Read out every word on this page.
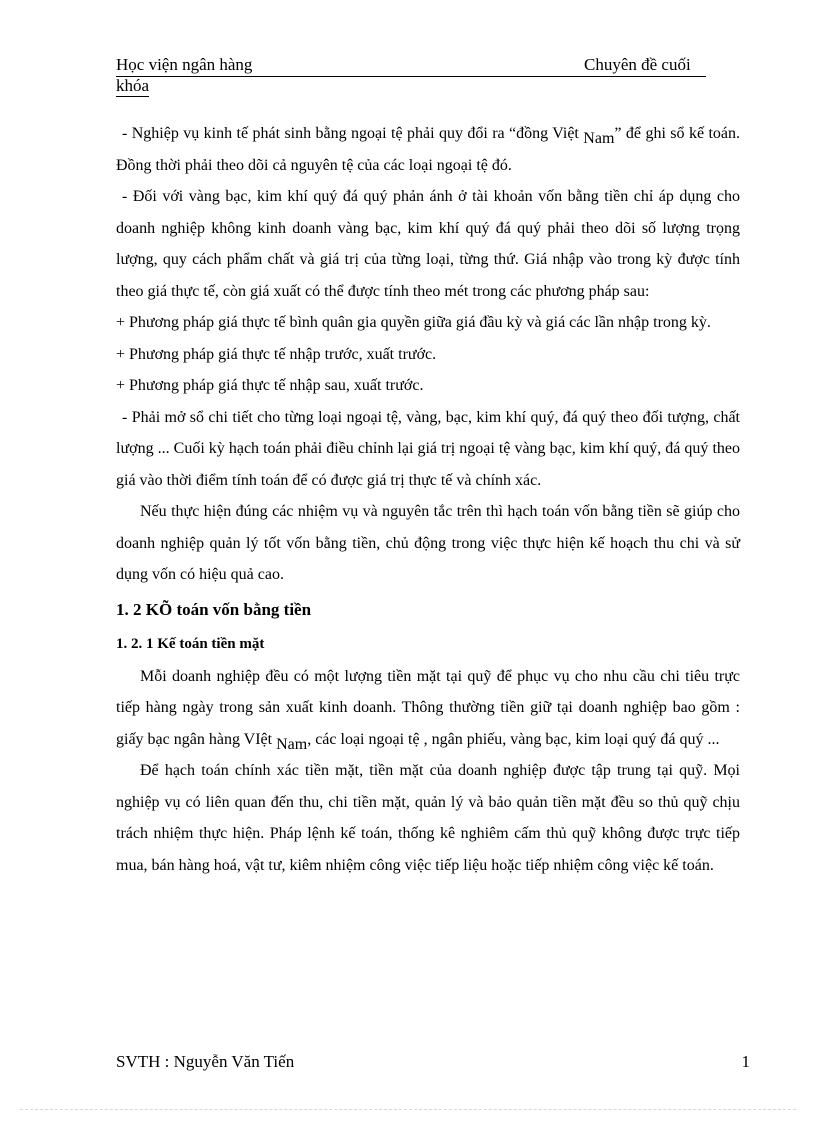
Học viện ngân hàng	Chuyên đề cuối
khóa

- Nghiệp vụ kinh tế phát sinh bằng ngoại tệ phải quy đổi ra “đồng Việt Nam” để ghi sổ kế toán. Đồng thời phải theo dõi cả nguyên tệ của các loại ngoại tệ đó.

- Đối với vàng bạc, kim khí quý đá quý phản ánh ở tài khoản vốn bằng tiền chỉ áp dụng cho doanh nghiệp không kinh doanh vàng bạc, kim khí quý đá quý phải theo dõi số lượng trọng lượng, quy cách phẩm chất và giá trị của từng loại, từng thứ. Giá nhập vào trong kỳ được tính theo giá thực tế, còn giá xuất có thể được tính theo mét trong các phương pháp sau:

+ Phương pháp giá thực tế bình quân gia quyền giữa giá đầu kỳ và giá các lần nhập trong kỳ.

+ Phương pháp giá thực tế nhập trước, xuất trước.

+ Phương pháp giá thực tế nhập sau, xuất trước.

- Phải mở sổ chi tiết cho từng loại ngoại tệ, vàng, bạc, kim khí quý, đá quý theo đối tượng, chất lượng ... Cuối kỳ hạch toán phải điều chỉnh lại giá trị ngoại tệ vàng bạc, kim khí quý, đá quý theo giá vào thời điểm tính toán để có được giá trị thực tế và chính xác.

Nếu thực hiện đúng các nhiệm vụ và nguyên tắc trên thì hạch toán vốn bằng tiền sẽ giúp cho doanh nghiệp quản lý tốt vốn bằng tiền, chủ động trong việc thực hiện kế hoạch thu chi và sử dụng vốn có hiệu quả cao.

1. 2 KÕ toán vốn bằng tiền
1. 2. 1 Kế toán tiền mặt

Mỗi doanh nghiệp đều có một lượng tiền mặt tại quỹ để phục vụ cho nhu cầu chi tiêu trực tiếp hàng ngày trong sản xuất kinh doanh. Thông thường tiền giữ tại doanh nghiệp bao gồm : giấy bạc ngân hàng VIệt Nam, các loại ngoại tệ , ngân phiếu, vàng bạc, kim loại quý đá quý ...

Để hạch toán chính xác tiền mặt, tiền mặt của doanh nghiệp được tập trung tại quỹ. Mọi nghiệp vụ có liên quan đến thu, chi tiền mặt, quản lý và bảo quản tiền mặt đều so thủ quỹ chịu trách nhiệm thực hiện. Pháp lệnh kế toán, thống kê nghiêm cấm thủ quỹ không được trực tiếp mua, bán hàng hoá, vật tư, kiêm nhiệm công việc tiếp liệu hoặc tiếp nhiệm công việc kế toán.

SVTH : Nguyễn Văn Tiến	1
